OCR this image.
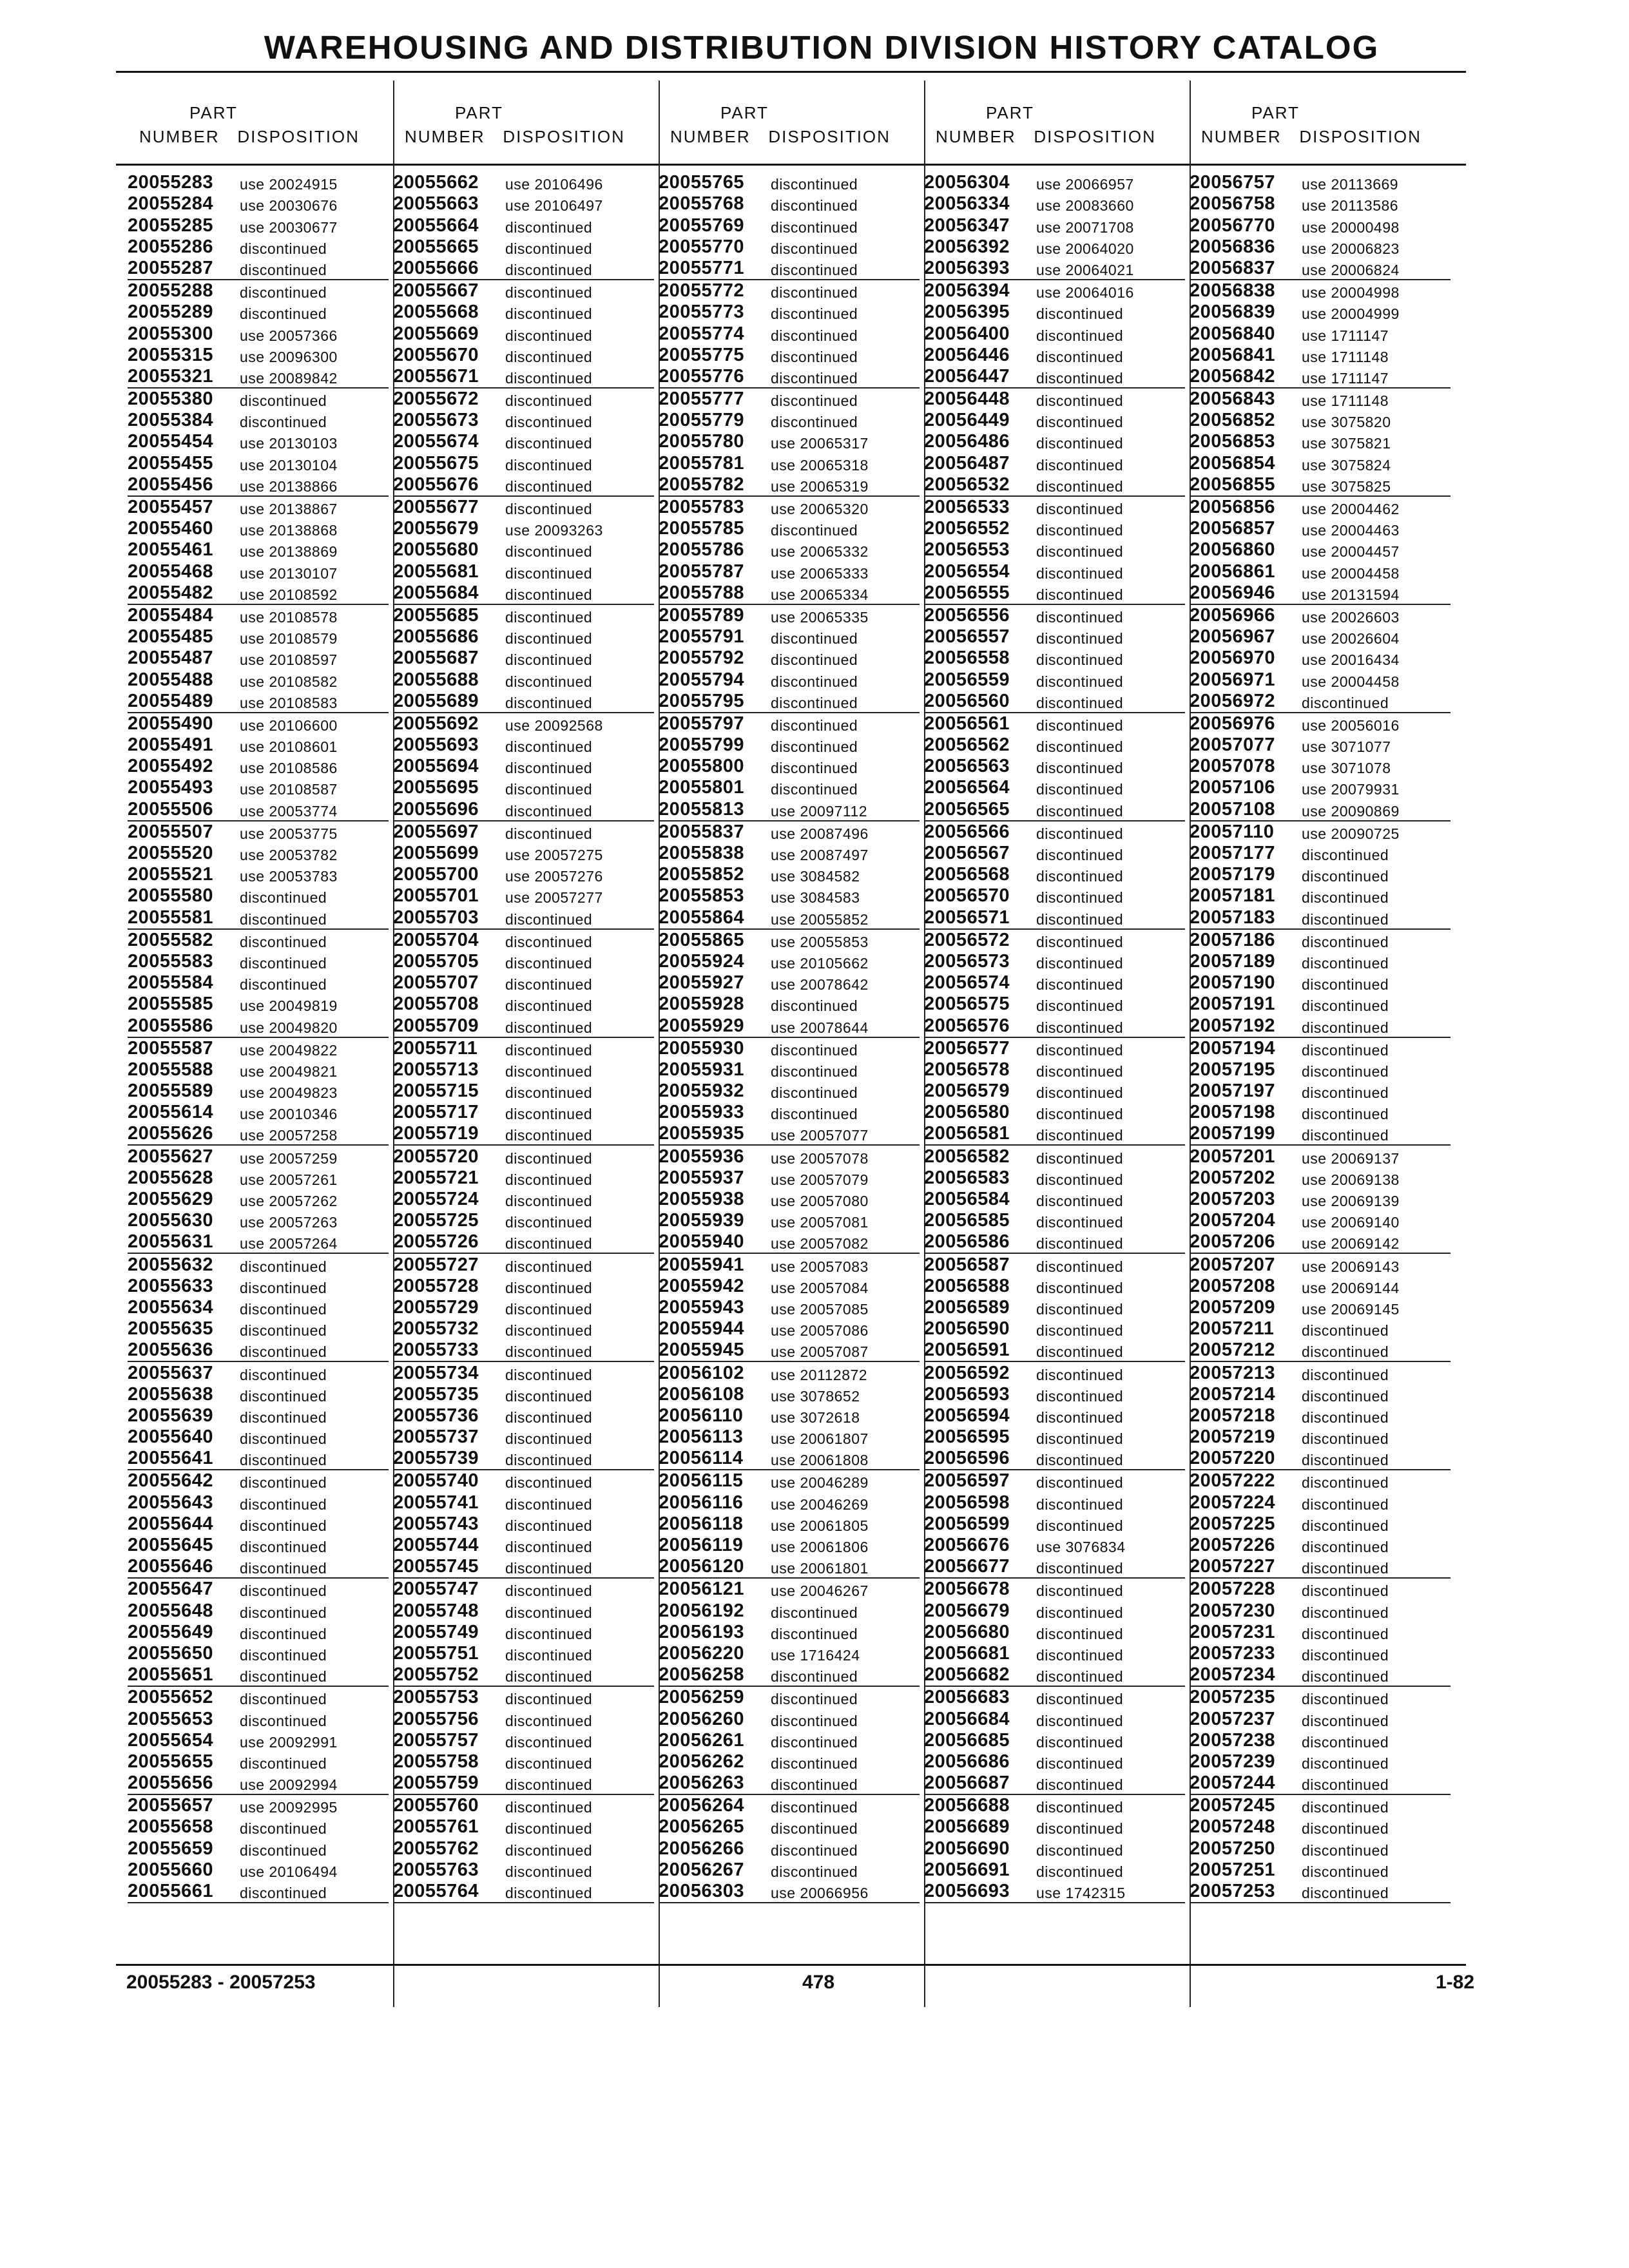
WAREHOUSING AND DISTRIBUTION DIVISION HISTORY CATALOG
PART
NUMBER DISPOSITION
PART
NUMBER DISPOSITION
PART
NUMBER DISPOSITION
PART
NUMBER DISPOSITION
PART
NUMBER DISPOSITION
20055283	use 20024915
20055284	use 20030676
20055285	use 20030677
20055286	discontinued
20055287	discontinued
20055288	discontinued
20055289	discontinued
20055300	use 20057366
20055315	use 20096300
20055321	use 20089842
20055380	discontinued
20055384	discontinued
20055454	use 20130103
20055455	use 20130104
20055456	use 20138866
20055457	use 20138867
20055460	use 20138868
20055461	use 20138869
20055468	use 20130107
20055482	use 20108592
20055484	use 20108578
20055485	use 20108579
20055487	use 20108597
20055488	use 20108582
20055489	use 20108583
20055490	use 20106600
20055491	use 20108601
20055492	use 20108586
20055493	use 20108587
20055506	use 20053774
20055507	use 20053775
20055520	use 20053782
20055521	use 20053783
20055580	discontinued
20055581	discontinued
20055582	discontinued
20055583	discontinued
20055584	discontinued
20055585	use 20049819
20055586	use 20049820
20055587	use 20049822
20055588	use 20049821
20055589	use 20049823
20055614	use 20010346
20055626	use 20057258
20055627	use 20057259
20055628	use 20057261
20055629	use 20057262
20055630	use 20057263
20055631	use 20057264
20055632	discontinued
20055633	discontinued
20055634	discontinued
20055635	discontinued
20055636	discontinued
20055637	discontinued
20055638	discontinued
20055639	discontinued
20055640	discontinued
20055641	discontinued
20055642	discontinued
20055643	discontinued
20055644	discontinued
20055645	discontinued
20055646	discontinued
20055647	discontinued
20055648	discontinued
20055649	discontinued
20055650	discontinued
20055651	discontinued
20055652	discontinued
20055653	discontinued
20055654	use 20092991
20055655	discontinued
20055656	use 20092994
20055657	use 20092995
20055658	discontinued
20055659	discontinued
20055660	use 20106494
20055661	discontinued
20055662	use 20106496
20055663	use 20106497
20055664	discontinued
20055665	discontinued
20055666	discontinued
20055667	discontinued
20055668	discontinued
20055669	discontinued
20055670	discontinued
20055671	discontinued
20055672	discontinued
20055673	discontinued
20055674	discontinued
20055675	discontinued
20055676	discontinued
20055677	discontinued
20055679	use 20093263
20055680	discontinued
20055681	discontinued
20055684	discontinued
20055685	discontinued
20055686	discontinued
20055687	discontinued
20055688	discontinued
20055689	discontinued
20055692	use 20092568
20055693	discontinued
20055694	discontinued
20055695	discontinued
20055696	discontinued
20055697	discontinued
20055699	use 20057275
20055700	use 20057276
20055701	use 20057277
20055703	discontinued
20055704	discontinued
20055705	discontinued
20055707	discontinued
20055708	discontinued
20055709	discontinued
20055711	discontinued
20055713	discontinued
20055715	discontinued
20055717	discontinued
20055719	discontinued
20055720	discontinued
20055721	discontinued
20055724	discontinued
20055725	discontinued
20055726	discontinued
20055727	discontinued
20055728	discontinued
20055729	discontinued
20055732	discontinued
20055733	discontinued
20055734	discontinued
20055735	discontinued
20055736	discontinued
20055737	discontinued
20055739	discontinued
20055740	discontinued
20055741	discontinued
20055743	discontinued
20055744	discontinued
20055745	discontinued
20055747	discontinued
20055748	discontinued
20055749	discontinued
20055751	discontinued
20055752	discontinued
20055753	discontinued
20055756	discontinued
20055757	discontinued
20055758	discontinued
20055759	discontinued
20055760	discontinued
20055761	discontinued
20055762	discontinued
20055763	discontinued
20055764	discontinued
20055765	discontinued
20055768	discontinued
20055769	discontinued
20055770	discontinued
20055771	discontinued
20055772	discontinued
20055773	discontinued
20055774	discontinued
20055775	discontinued
20055776	discontinued
20055777	discontinued
20055779	discontinued
20055780	use 20065317
20055781	use 20065318
20055782	use 20065319
20055783	use 20065320
20055785	discontinued
20055786	use 20065332
20055787	use 20065333
20055788	use 20065334
20055789	use 20065335
20055791	discontinued
20055792	discontinued
20055794	discontinued
20055795	discontinued
20055797	discontinued
20055799	discontinued
20055800	discontinued
20055801	discontinued
20055813	use 20097112
20055837	use 20087496
20055838	use 20087497
20055852	use 3084582
20055853	use 3084583
20055864	use 20055852
20055865	use 20055853
20055924	use 20105662
20055927	use 20078642
20055928	discontinued
20055929	use 20078644
20055930	discontinued
20055931	discontinued
20055932	discontinued
20055933	discontinued
20055935	use 20057077
20055936	use 20057078
20055937	use 20057079
20055938	use 20057080
20055939	use 20057081
20055940	use 20057082
20055941	use 20057083
20055942	use 20057084
20055943	use 20057085
20055944	use 20057086
20055945	use 20057087
20056102	use 20112872
20056108	use 3078652
20056110	use 3072618
20056113	use 20061807
20056114	use 20061808
20056115	use 20046289
20056116	use 20046269
20056118	use 20061805
20056119	use 20061806
20056120	use 20061801
20056121	use 20046267
20056192	discontinued
20056193	discontinued
20056220	use 1716424
20056258	discontinued
20056259	discontinued
20056260	discontinued
20056261	discontinued
20056262	discontinued
20056263	discontinued
20056264	discontinued
20056265	discontinued
20056266	discontinued
20056267	discontinued
20056303	use 20066956
20056304	use 20066957
20056334	use 20083660
20056347	use 20071708
20056392	use 20064020
20056393	use 20064021
20056394	use 20064016
20056395	discontinued
20056400	discontinued
20056446	discontinued
20056447	discontinued
20056448	discontinued
20056449	discontinued
20056486	discontinued
20056487	discontinued
20056532	discontinued
20056533	discontinued
20056552	discontinued
20056553	discontinued
20056554	discontinued
20056555	discontinued
20056556	discontinued
20056557	discontinued
20056558	discontinued
20056559	discontinued
20056560	discontinued
20056561	discontinued
20056562	discontinued
20056563	discontinued
20056564	discontinued
20056565	discontinued
20056566	discontinued
20056567	discontinued
20056568	discontinued
20056570	discontinued
20056571	discontinued
20056572	discontinued
20056573	discontinued
20056574	discontinued
20056575	discontinued
20056576	discontinued
20056577	discontinued
20056578	discontinued
20056579	discontinued
20056580	discontinued
20056581	discontinued
20056582	discontinued
20056583	discontinued
20056584	discontinued
20056585	discontinued
20056586	discontinued
20056587	discontinued
20056588	discontinued
20056589	discontinued
20056590	discontinued
20056591	discontinued
20056592	discontinued
20056593	discontinued
20056594	discontinued
20056595	discontinued
20056596	discontinued
20056597	discontinued
20056598	discontinued
20056599	discontinued
20056676	use 3076834
20056677	discontinued
20056678	discontinued
20056679	discontinued
20056680	discontinued
20056681	discontinued
20056682	discontinued
20056683	discontinued
20056684	discontinued
20056685	discontinued
20056686	discontinued
20056687	discontinued
20056688	discontinued
20056689	discontinued
20056690	discontinued
20056691	discontinued
20056693	use 1742315
20056757	use 20113669
20056758	use 20113586
20056770	use 20000498
20056836	use 20006823
20056837	use 20006824
20056838	use 20004998
20056839	use 20004999
20056840	use 1711147
20056841	use 1711148
20056842	use 1711147
20056843	use 1711148
20056852	use 3075820
20056853	use 3075821
20056854	use 3075824
20056855	use 3075825
20056856	use 20004462
20056857	use 20004463
20056860	use 20004457
20056861	use 20004458
20056946	use 20131594
20056966	use 20026603
20056967	use 20026604
20056970	use 20016434
20056971	use 20004458
20056972	discontinued
20056976	use 20056016
20057077	use 3071077
20057078	use 3071078
20057106	use 20079931
20057108	use 20090869
20057110	use 20090725
20057177	discontinued
20057179	discontinued
20057181	discontinued
20057183	discontinued
20057186	discontinued
20057189	discontinued
20057190	discontinued
20057191	discontinued
20057192	discontinued
20057194	discontinued
20057195	discontinued
20057197	discontinued
20057198	discontinued
20057199	discontinued
20057201	use 20069137
20057202	use 20069138
20057203	use 20069139
20057204	use 20069140
20057206	use 20069142
20057207	use 20069143
20057208	use 20069144
20057209	use 20069145
20057211	discontinued
20057212	discontinued
20057213	discontinued
20057214	discontinued
20057218	discontinued
20057219	discontinued
20057220	discontinued
20057222	discontinued
20057224	discontinued
20057225	discontinued
20057226	discontinued
20057227	discontinued
20057228	discontinued
20057230	discontinued
20057231	discontinued
20057233	discontinued
20057234	discontinued
20057235	discontinued
20057237	discontinued
20057238	discontinued
20057239	discontinued
20057244	discontinued
20057245	discontinued
20057248	discontinued
20057250	discontinued
20057251	discontinued
20057253	discontinued
20055283 - 20057253	478	1-82
